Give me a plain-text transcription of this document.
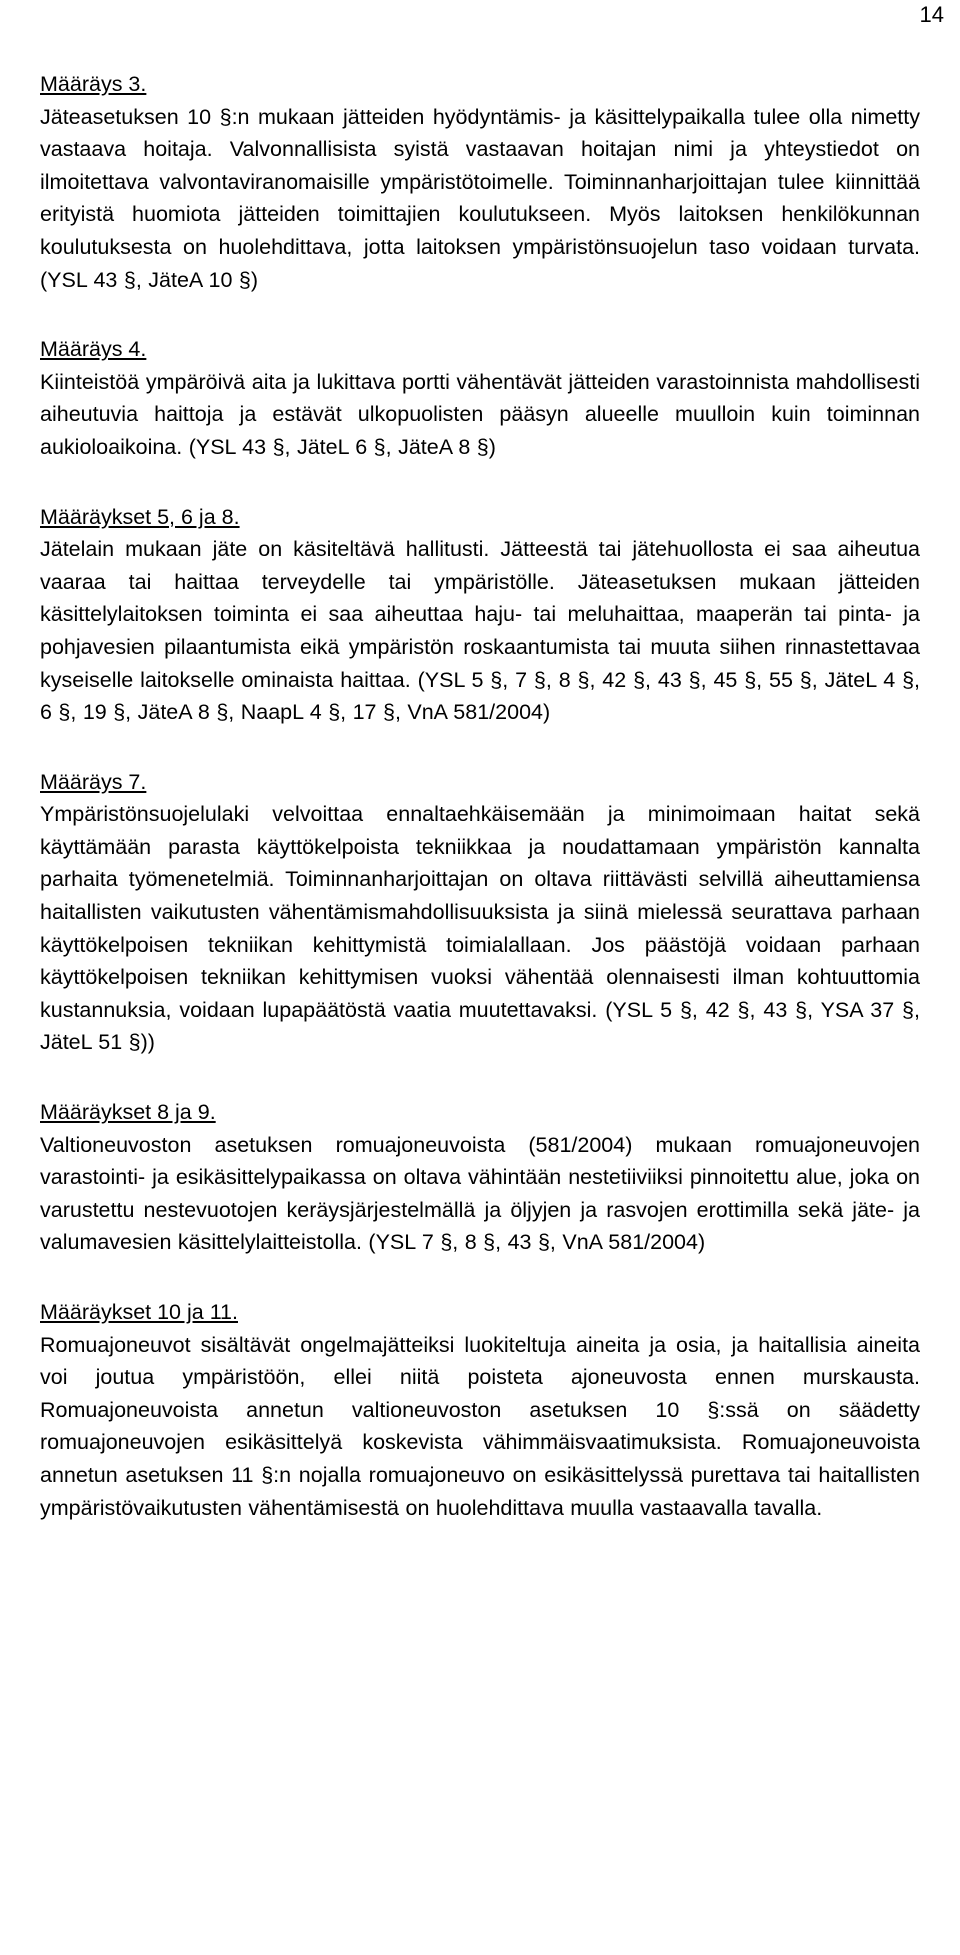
14
Määräys 3.

Jäteasetuksen 10 §:n mukaan jätteiden hyödyntämis- ja käsittelypaikalla tulee olla nimetty vastaava hoitaja. Valvonnallisista syistä vastaavan hoitajan nimi ja yhteystiedot on ilmoitettava valvontaviranomaisille ympäristötoimelle. Toiminnanharjoittajan tulee kiinnittää erityistä huomiota jätteiden toimittajien koulutukseen. Myös laitoksen henkilökunnan koulutuksesta on huolehdittava, jotta laitoksen ympäristönsuojelun taso voidaan turvata. (YSL 43 §, JäteA 10 §)

Määräys 4.

Kiinteistöä ympäröivä aita ja lukittava portti vähentävät jätteiden varastoinnista mahdollisesti aiheutuvia haittoja ja estävät ulkopuolisten pääsyn alueelle muulloin kuin toiminnan aukioloaikoina. (YSL 43 §, JäteL 6 §, JäteA 8 §)

Määräykset 5, 6 ja 8.

Jätelain mukaan jäte on käsiteltävä hallitusti. Jätteestä tai jätehuollosta ei saa aiheutua vaaraa tai haittaa terveydelle tai ympäristölle. Jäteasetuksen mukaan jätteiden käsittelylaitoksen toiminta ei saa aiheuttaa haju- tai meluhaittaa, maaperän tai pinta- ja pohjavesien pilaantumista eikä ympäristön roskaantumista tai muuta siihen rinnastettavaa kyseiselle laitokselle ominaista haittaa. (YSL 5 §, 7 §, 8 §, 42 §, 43 §, 45 §, 55 §, JäteL 4 §, 6 §, 19 §, JäteA 8 §, NaapL 4 §, 17 §, VnA 581/2004)

Määräys 7.

Ympäristönsuojelulaki velvoittaa ennaltaehkäisemään ja minimoimaan haitat sekä käyttämään parasta käyttökelpoista tekniikkaa ja noudattamaan ympäristön kannalta parhaita työmenetelmiä. Toiminnanharjoittajan on oltava riittävästi selvillä aiheuttamiensa haitallisten vaikutusten vähentämismahdollisuuksista ja siinä mielessä seurattava parhaan käyttökelpoisen tekniikan kehittymistä toimialallaan. Jos päästöjä voidaan parhaan käyttökelpoisen tekniikan kehittymisen vuoksi vähentää olennaisesti ilman kohtuuttomia kustannuksia, voidaan lupapäätöstä vaatia muutettavaksi. (YSL 5 §, 42 §, 43 §, YSA 37 §, JäteL 51 §))

Määräykset 8 ja 9.

Valtioneuvoston asetuksen romuajoneuvoista (581/2004) mukaan romuajoneuvojen varastointi- ja esikäsittelypaikassa on oltava vähintään nestetiiviiksi pinnoitettu alue, joka on varustettu nestevuotojen keräysjärjestelmällä ja öljyjen ja rasvojen erottimilla sekä jäte- ja valumavesien käsittelylaitteistolla. (YSL 7 §, 8 §, 43 §, VnA 581/2004)

Määräykset 10 ja 11.

Romuajoneuvot sisältävät ongelmajätteiksi luokiteltuja aineita ja osia, ja haitallisia aineita voi joutua ympäristöön, ellei niitä poisteta ajoneuvosta ennen murskausta. Romuajoneuvoista annetun valtioneuvoston asetuksen 10 §:ssä on säädetty romuajoneuvojen esikäsittelyä koskevista vähimmäisvaatimuksista. Romuajoneuvoista annetun asetuksen 11 §:n nojalla romuajoneuvo on esikäsittelyssä purettava tai haitallisten ympäristövaikutusten vähentämisestä on huolehdittava muulla vastaavalla tavalla.
